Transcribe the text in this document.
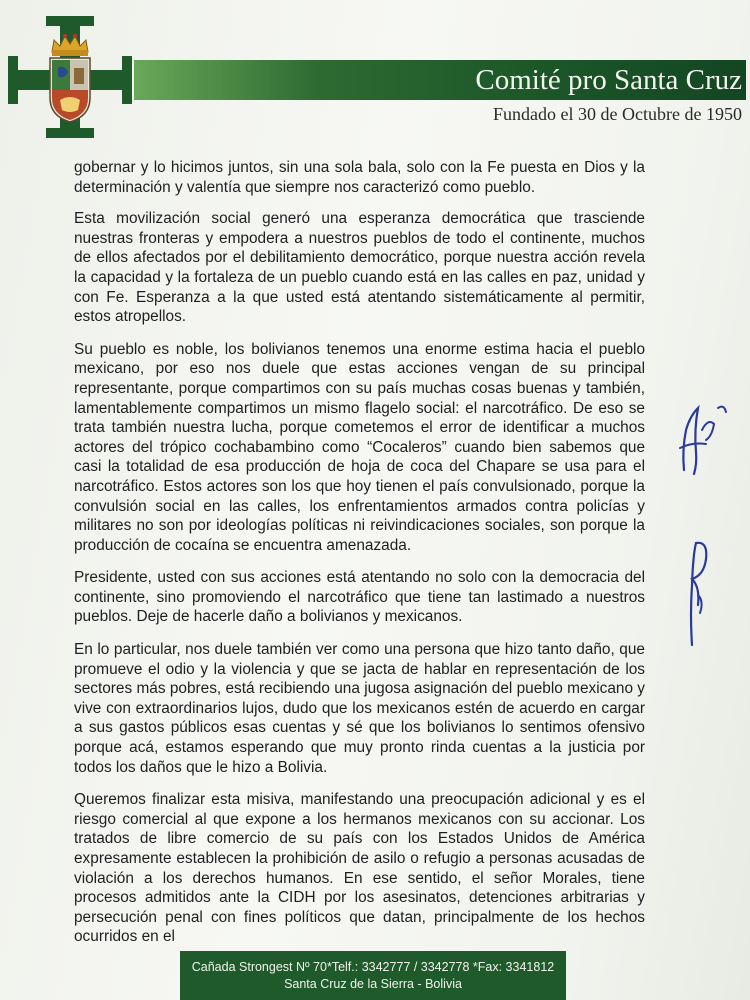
Comité pro Santa Cruz
Fundado el 30 de Octubre de 1950

gobernar y lo hicimos juntos, sin una sola bala, solo con la Fe puesta en Dios y la determinación y valentía que siempre nos caracterizó como pueblo.

Esta movilización social generó una esperanza democrática que trasciende nuestras fronteras y empodera a nuestros pueblos de todo el continente, muchos de ellos afectados por el debilitamiento democrático, porque nuestra acción revela la capacidad y la fortaleza de un pueblo cuando está en las calles en paz, unidad y con Fe. Esperanza a la que usted está atentando sistemáticamente al permitir, estos atropellos.

Su pueblo es noble, los bolivianos tenemos una enorme estima hacia el pueblo mexicano, por eso nos duele que estas acciones vengan de su principal representante, porque compartimos con su país muchas cosas buenas y también, lamentablemente compartimos un mismo flagelo social: el narcotráfico. De eso se trata también nuestra lucha, porque cometemos el error de identificar a muchos actores del trópico cochabambino como “Cocaleros” cuando bien sabemos que casi la totalidad de esa producción de hoja de coca del Chapare se usa para el narcotráfico. Estos actores son los que hoy tienen el país convulsionado, porque la convulsión social en las calles, los enfrentamientos armados contra policías y militares no son por ideologías políticas ni reivindicaciones sociales, son porque la producción de cocaína se encuentra amenazada.

Presidente, usted con sus acciones está atentando no solo con la democracia del continente, sino promoviendo el narcotráfico que tiene tan lastimado a nuestros pueblos. Deje de hacerle daño a bolivianos y mexicanos.

En lo particular, nos duele también ver como una persona que hizo tanto daño, que promueve el odio y la violencia y que se jacta de hablar en representación de los sectores más pobres, está recibiendo una jugosa asignación del pueblo mexicano y vive con extraordinarios lujos, dudo que los mexicanos estén de acuerdo en cargar a sus gastos públicos esas cuentas y sé que los bolivianos lo sentimos ofensivo porque acá, estamos esperando que muy pronto rinda cuentas a la justicia por todos los daños que le hizo a Bolivia.

Queremos finalizar esta misiva, manifestando una preocupación adicional y es el riesgo comercial al que expone a los hermanos mexicanos con su accionar. Los tratados de libre comercio de su país con los Estados Unidos de América expresamente establecen la prohibición de asilo o refugio a personas acusadas de violación a los derechos humanos. En ese sentido, el señor Morales, tiene procesos admitidos ante la CIDH por los asesinatos, detenciones arbitrarias y persecución penal con fines políticos que datan, principalmente de los hechos ocurridos en el

Cañada Strongest Nº 70*Telf.: 3342777 / 3342778 *Fax: 3341812
Santa Cruz de la Sierra - Bolivia
